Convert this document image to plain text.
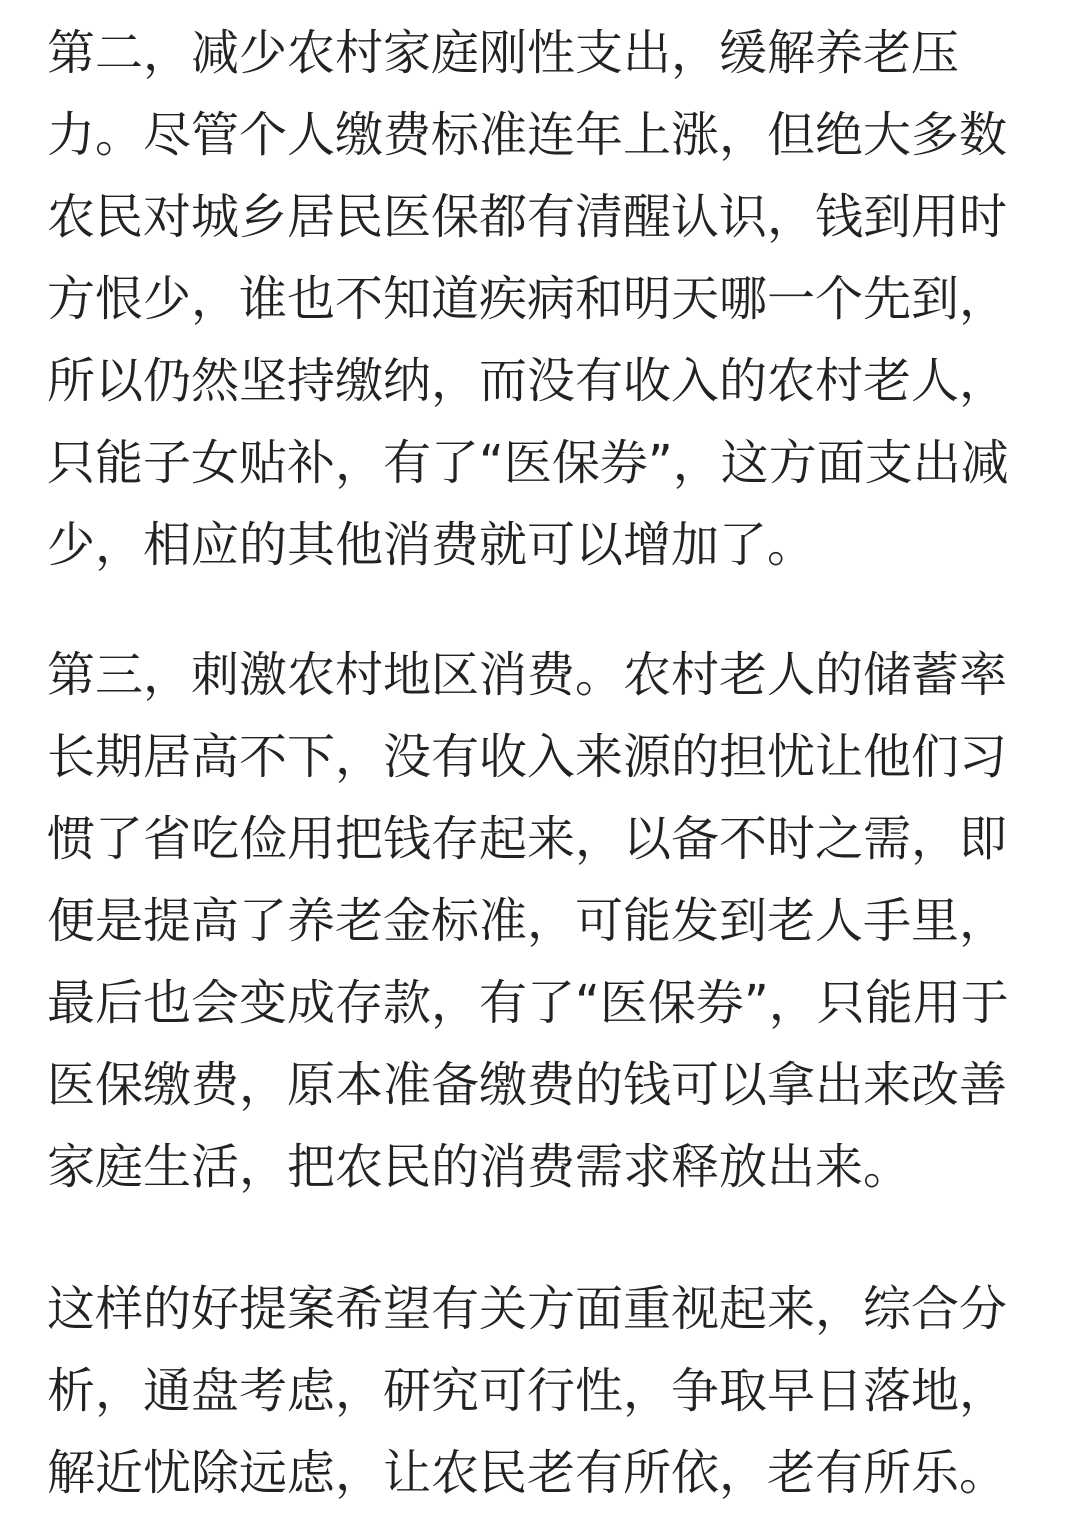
第二，减少农村家庭刚性支出，缓解养老压
力。尽管个人缴费标准连年上涨，但绝大多数
农民对城乡居民医保都有清醒认识，钱到用时
方恨少，谁也不知道疾病和明天哪一个先到，
所以仍然坚持缴纳，而没有收入的农村老人，
只能子女贴补，有了“医保券”，这方面支出减
少，相应的其他消费就可以增加了。

第三，刺激农村地区消费。农村老人的储蓄率
长期居高不下，没有收入来源的担忧让他们习
惯了省吃俭用把钱存起来，以备不时之需，即
便是提高了养老金标准，可能发到老人手里，
最后也会变成存款，有了“医保券”，只能用于
医保缴费，原本准备缴费的钱可以拿出来改善
家庭生活，把农民的消费需求释放出来。

这样的好提案希望有关方面重视起来，综合分
析，通盘考虑，研究可行性，争取早日落地，
解近忧除远虑，让农民老有所依，老有所乐。
